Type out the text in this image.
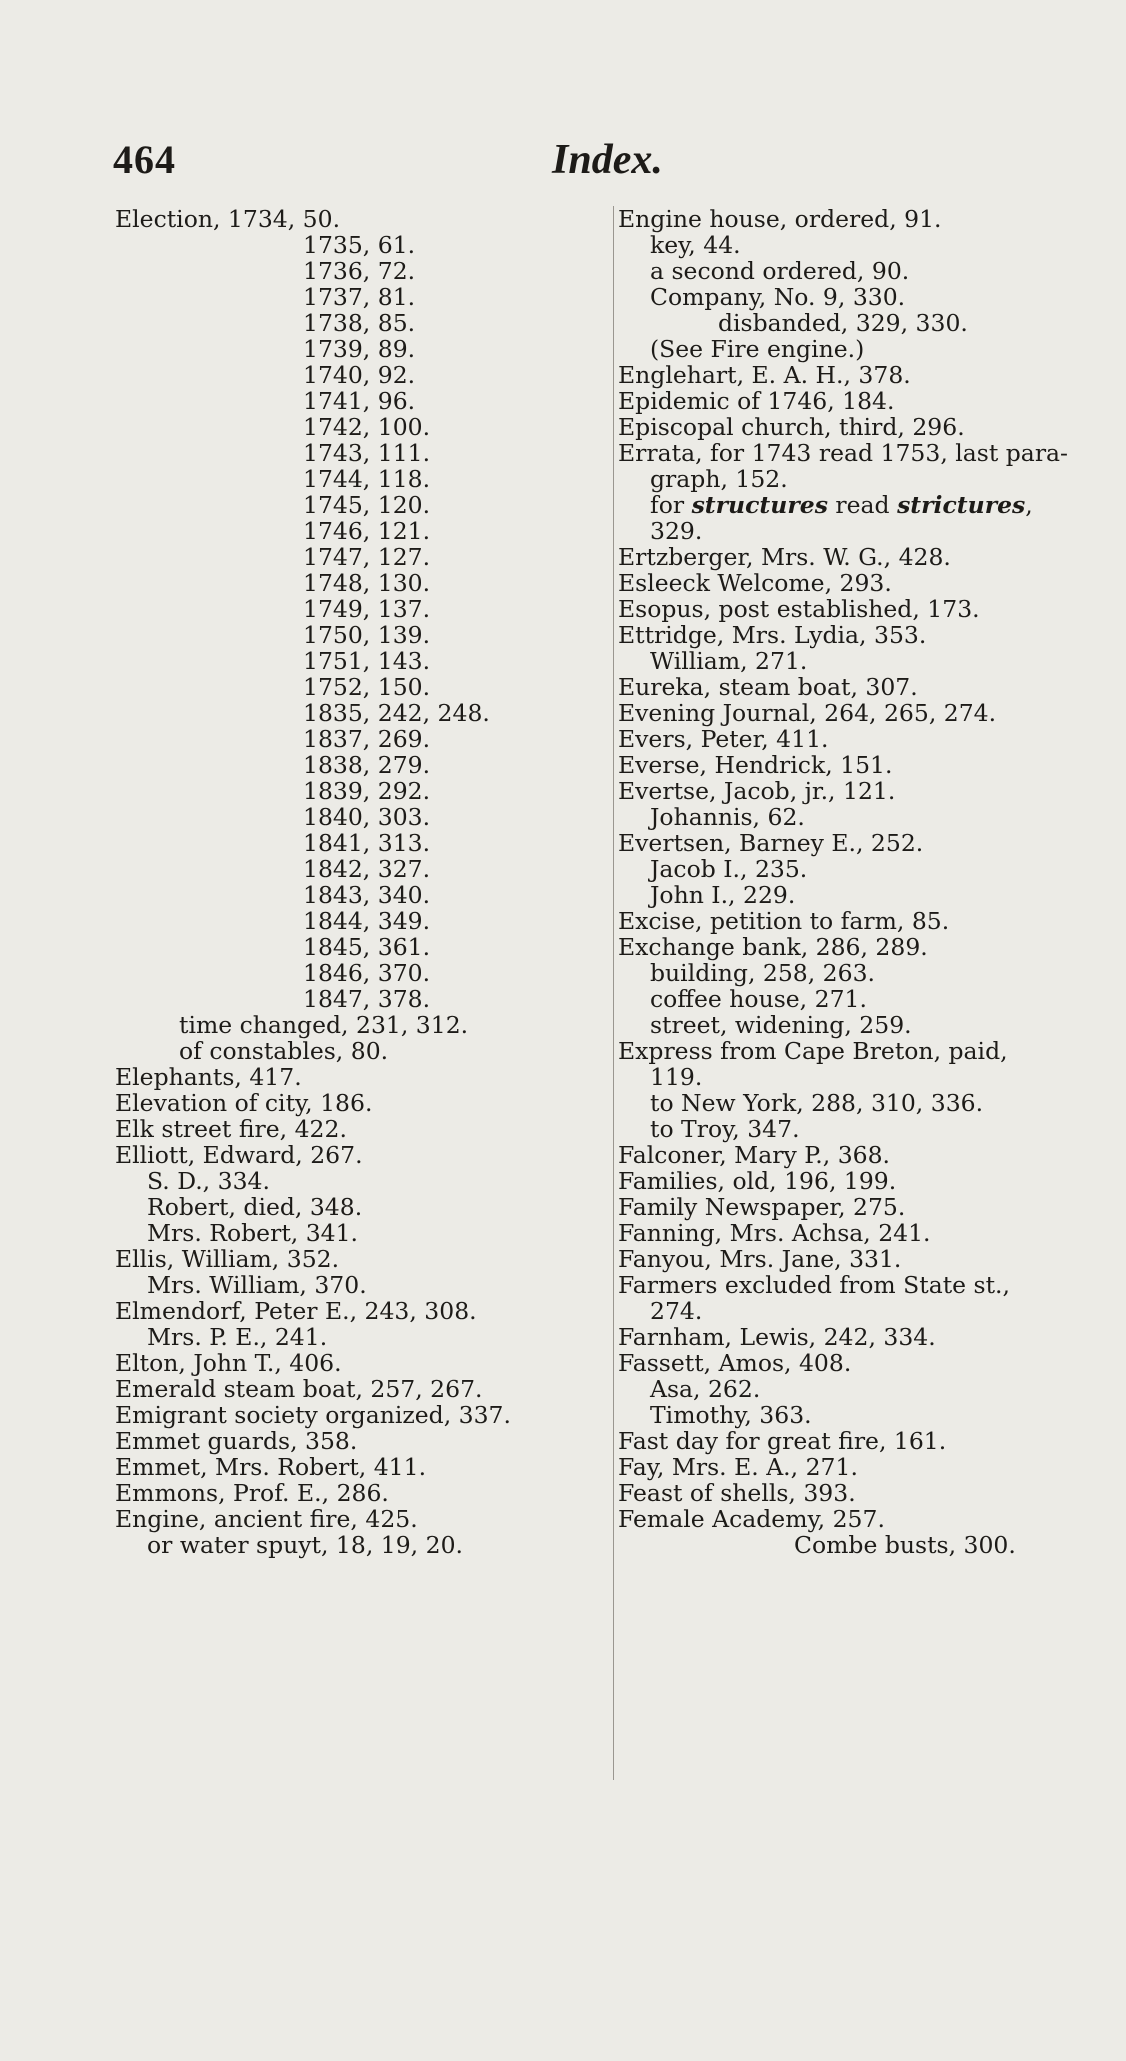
464	Index.
Election, 1734, 50.
1735, 61.
1736, 72.
1737, 81.
1738, 85.
1739, 89.
1740, 92.
1741, 96.
1742, 100.
1743, 111.
1744, 118.
1745, 120.
1746, 121.
1747, 127.
1748, 130.
1749, 137.
1750, 139.
1751, 143.
1752, 150.
1835, 242, 248.
1837, 269.
1838, 279.
1839, 292.
1840, 303.
1841, 313.
1842, 327.
1843, 340.
1844, 349.
1845, 361.
1846, 370.
1847, 378.
time changed, 231, 312.
of constables, 80.
Elephants, 417.
Elevation of city, 186.
Elk street fire, 422.
Elliott, Edward, 267.
S. D., 334.
Robert, died, 348.
Mrs. Robert, 341.
Ellis, William, 352.
Mrs. William, 370.
Elmendorf, Peter E., 243, 308.
Mrs. P. E., 241.
Elton, John T., 406.
Emerald steam boat, 257, 267.
Emigrant society organized, 337.
Emmet guards, 358.
Emmet, Mrs. Robert, 411.
Emmons, Prof. E., 286.
Engine, ancient fire, 425.
or water spuyt, 18, 19, 20.
Engine house, ordered, 91.
key, 44.
a second ordered, 90.
Company, No. 9, 330.
disbanded, 329, 330.
(See Fire engine.)
Englehart, E. A. H., 378.
Epidemic of 1746, 184.
Episcopal church, third, 296.
Errata, for 1743 read 1753, last para-
graph, 152.
for structures read strictures,
329.
Ertzberger, Mrs. W. G., 428.
Esleeck Welcome, 293.
Esopus, post established, 173.
Ettridge, Mrs. Lydia, 353.
William, 271.
Eureka, steam boat, 307.
Evening Journal, 264, 265, 274.
Evers, Peter, 411.
Everse, Hendrick, 151.
Evertse, Jacob, jr., 121.
Johannis, 62.
Evertsen, Barney E., 252.
Jacob I., 235.
John I., 229.
Excise, petition to farm, 85.
Exchange bank, 286, 289.
building, 258, 263.
coffee house, 271.
street, widening, 259.
Express from Cape Breton, paid,
119.
to New York, 288, 310, 336.
to Troy, 347.
Falconer, Mary P., 368.
Families, old, 196, 199.
Family Newspaper, 275.
Fanning, Mrs. Achsa, 241.
Fanyou, Mrs. Jane, 331.
Farmers excluded from State st.,
274.
Farnham, Lewis, 242, 334.
Fassett, Amos, 408.
Asa, 262.
Timothy, 363.
Fast day for great fire, 161.
Fay, Mrs. E. A., 271.
Feast of shells, 393.
Female Academy, 257.
Combe busts, 300.
